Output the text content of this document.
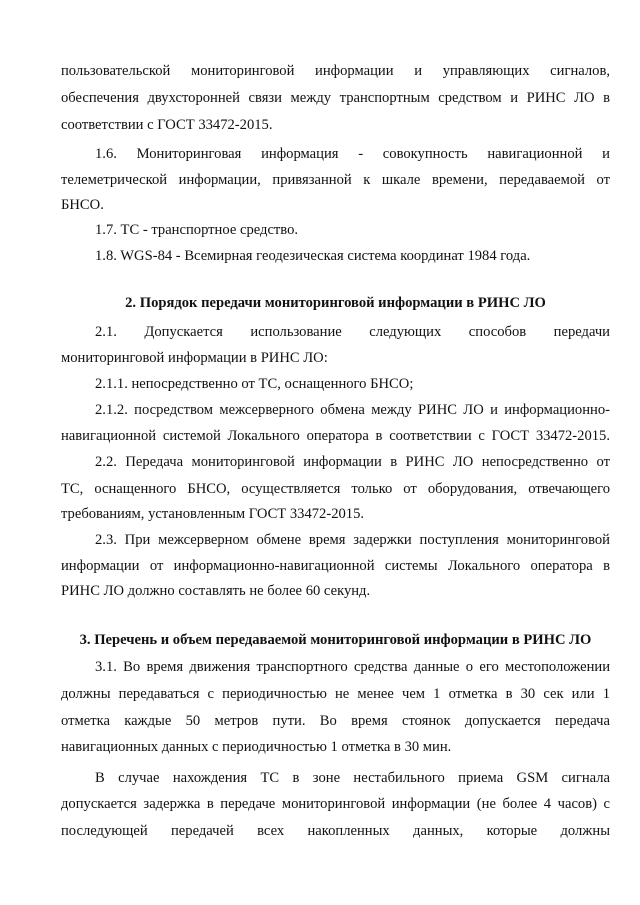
пользовательской мониторинговой информации и управляющих сигналов,
обеспечения двухсторонней связи между транспортным средством и РИНС ЛО в
соответствии с ГОСТ 33472-2015.
1.6. Мониторинговая информация - совокупность навигационной и
телеметрической информации, привязанной к шкале времени, передаваемой от
БНСО.
1.7. ТС - транспортное средство.
1.8. WGS-84 - Всемирная геодезическая система координат 1984 года.
2. Порядок передачи мониторинговой информации в РИНС ЛО
2.1. Допускается использование следующих способов передачи
мониторинговой информации в РИНС ЛО:
2.1.1. непосредственно от ТС, оснащенного БНСО;
2.1.2. посредством межсерверного обмена между РИНС ЛО и информационно-
навигационной системой Локального оператора в соответствии с ГОСТ 33472-2015.
2.2. Передача мониторинговой информации в РИНС ЛО непосредственно от
ТС, оснащенного БНСО, осуществляется только от оборудования, отвечающего
требованиям, установленным ГОСТ 33472-2015.
2.3. При межсерверном обмене время задержки поступления мониторинговой
информации от информационно-навигационной системы Локального оператора в
РИНС ЛО должно составлять не более 60 секунд.
3. Перечень и объем передаваемой мониторинговой информации в РИНС ЛО
3.1. Во время движения транспортного средства данные о его местоположении
должны передаваться с периодичностью не менее чем 1 отметка в 30 сек или 1
отметка каждые 50 метров пути. Во время стоянок допускается передача
навигационных данных с периодичностью 1 отметка в 30 мин.
В случае нахождения ТС в зоне нестабильного приема GSM сигнала
допускается задержка в передаче мониторинговой информации (не более 4 часов) с
последующей передачей всех накопленных данных, которые должны
